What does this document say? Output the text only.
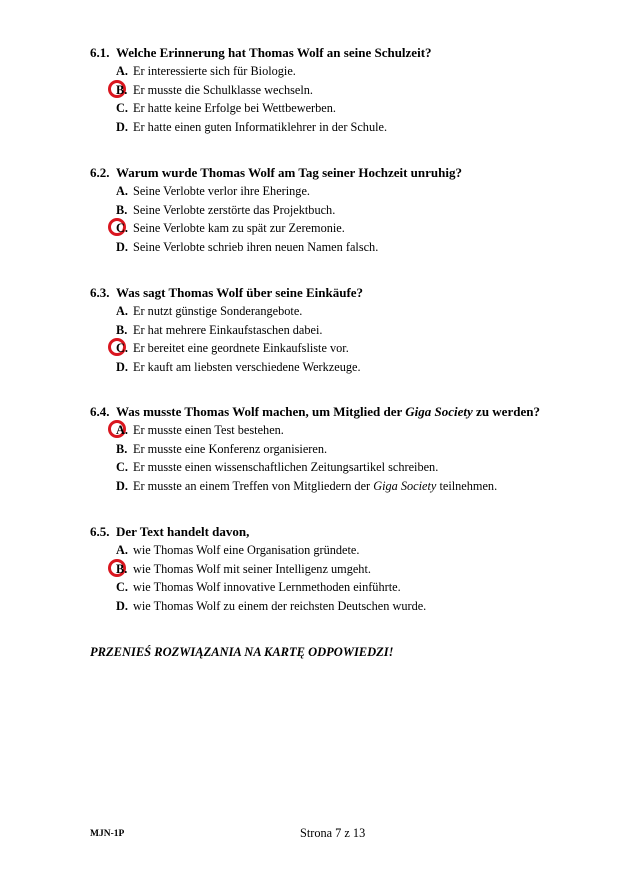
6.1. Welche Erinnerung hat Thomas Wolf an seine Schulzeit?

A. Er interessierte sich für Biologie.
B. Er musste die Schulklasse wechseln.
C. Er hatte keine Erfolge bei Wettbewerben.
D. Er hatte einen guten Informatiklehrer in der Schule.

6.2. Warum wurde Thomas Wolf am Tag seiner Hochzeit unruhig?

A. Seine Verlobte verlor ihre Eheringe.
B. Seine Verlobte zerstörte das Projektbuch.
C. Seine Verlobte kam zu spät zur Zeremonie.
D. Seine Verlobte schrieb ihren neuen Namen falsch.

6.3. Was sagt Thomas Wolf über seine Einkäufe?

A. Er nutzt günstige Sonderangebote.
B. Er hat mehrere Einkaufstaschen dabei.
C. Er bereitet eine geordnete Einkaufsliste vor.
D. Er kauft am liebsten verschiedene Werkzeuge.

6.4. Was musste Thomas Wolf machen, um Mitglied der Giga Society zu werden?

A. Er musste einen Test bestehen.
B. Er musste eine Konferenz organisieren.
C. Er musste einen wissenschaftlichen Zeitungsartikel schreiben.
D. Er musste an einem Treffen von Mitgliedern der Giga Society teilnehmen.

6.5. Der Text handelt davon,

A. wie Thomas Wolf eine Organisation gründete.
B. wie Thomas Wolf mit seiner Intelligenz umgeht.
C. wie Thomas Wolf innovative Lernmethoden einführte.
D. wie Thomas Wolf zu einem der reichsten Deutschen wurde.
PRZENIEŚ ROZWIĄZANIA NA KARTĘ ODPOWIEDZI!
MJN-1P	Strona 7 z 13
